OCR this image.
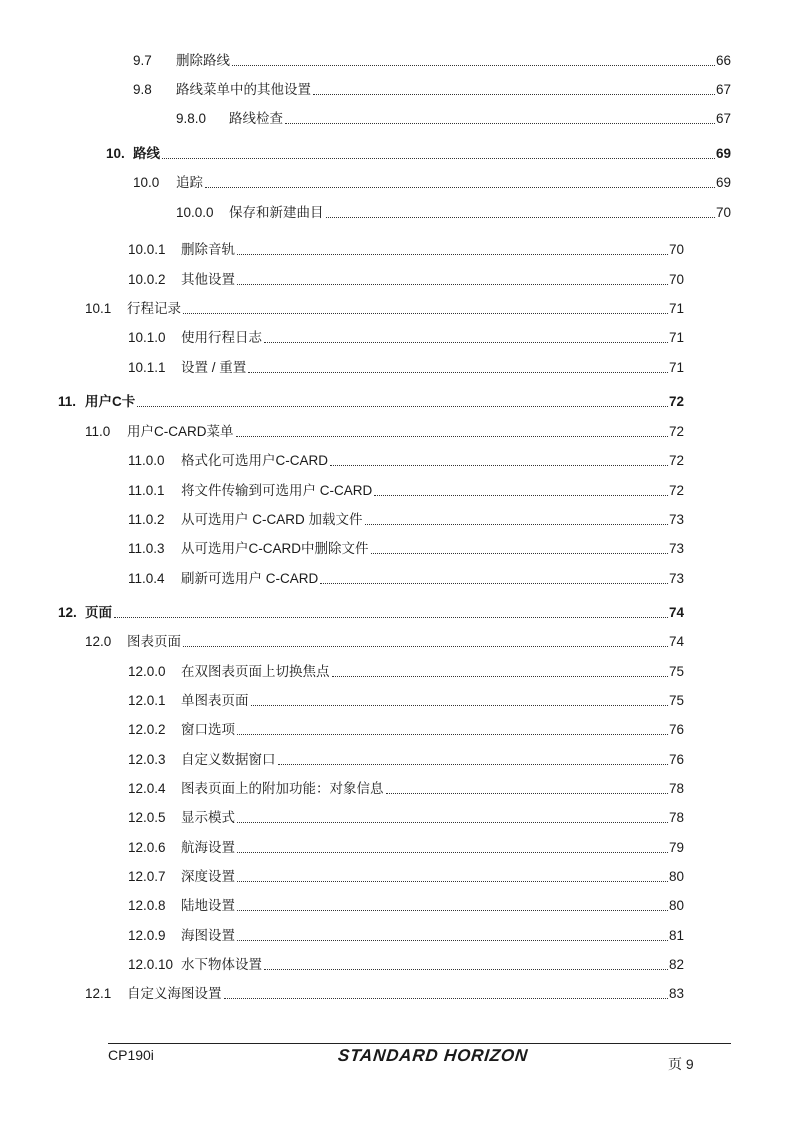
9.7	删除路线	66
9.8	路线菜单中的其他设置	67
9.8.0	路线检查	67
10. 路线	69
10.0	追踪	69
10.0.0	保存和新建曲目	70
10.0.1	删除音轨	70
10.0.2	其他设置	70
10.1	行程记录	71
10.1.0	使用行程日志	71
10.1.1	设置 / 重置	71
11. 用户C卡	72
11.0	用户C-CARD菜单	72
11.0.0	格式化可选用户C-CARD	72
11.0.1	将文件传输到可选用户 C-CARD	72
11.0.2	从可选用户 C-CARD 加载文件	73
11.0.3	从可选用户C-CARD中删除文件	73
11.0.4	刷新可选用户 C-CARD	73
12. 页面	74
12.0	图表页面	74
12.0.0	在双图表页面上切换焦点	75
12.0.1	单图表页面	75
12.0.2	窗口选项	76
12.0.3	自定义数据窗口	76
12.0.4	图表页面上的附加功能：对象信息	78
12.0.5	显示模式	78
12.0.6	航海设置	79
12.0.7	深度设置	80
12.0.8	陆地设置	80
12.0.9	海图设置	81
12.0.10 水下物体设置	82
12.1	自定义海图设置	83
CP190i	STANDARD HORIZON	页 9
